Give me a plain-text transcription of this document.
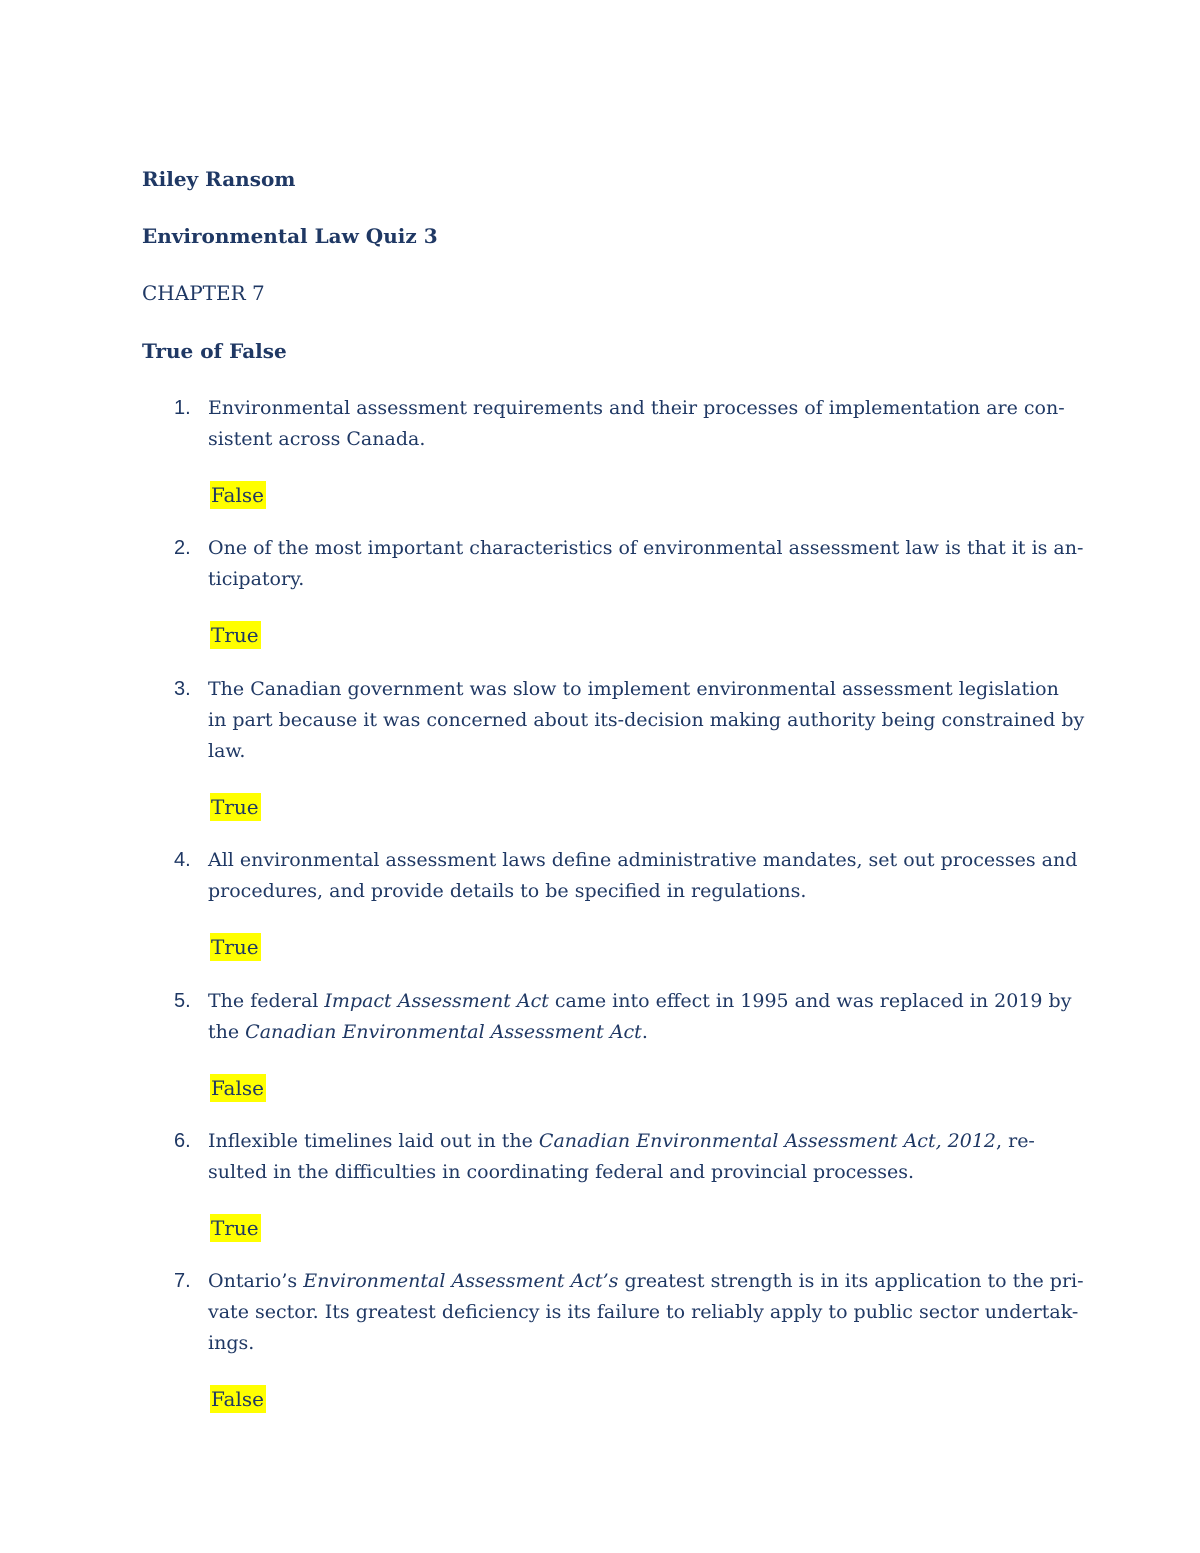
Riley Ransom

Environmental Law Quiz 3

CHAPTER 7

True of False

1. Environmental assessment requirements and their processes of implementation are con-
sistent across Canada.

False
2. One of the most important characteristics of environmental assessment law is that it is an-
ticipatory.

True
3. The Canadian government was slow to implement environmental assessment legislation
in part because it was concerned about its-decision making authority being constrained by
law.

True
4. All environmental assessment laws define administrative mandates, set out processes and
procedures, and provide details to be specified in regulations.

True
5. The federal Impact Assessment Act came into effect in 1995 and was replaced in 2019 by
the Canadian Environmental Assessment Act.

False
6. Inflexible timelines laid out in the Canadian Environmental Assessment Act, 2012, re-
sulted in the difficulties in coordinating federal and provincial processes.

True
7. Ontario’s Environmental Assessment Act’s greatest strength is in its application to the pri-
vate sector. Its greatest deficiency is its failure to reliably apply to public sector undertak-
ings.

False
